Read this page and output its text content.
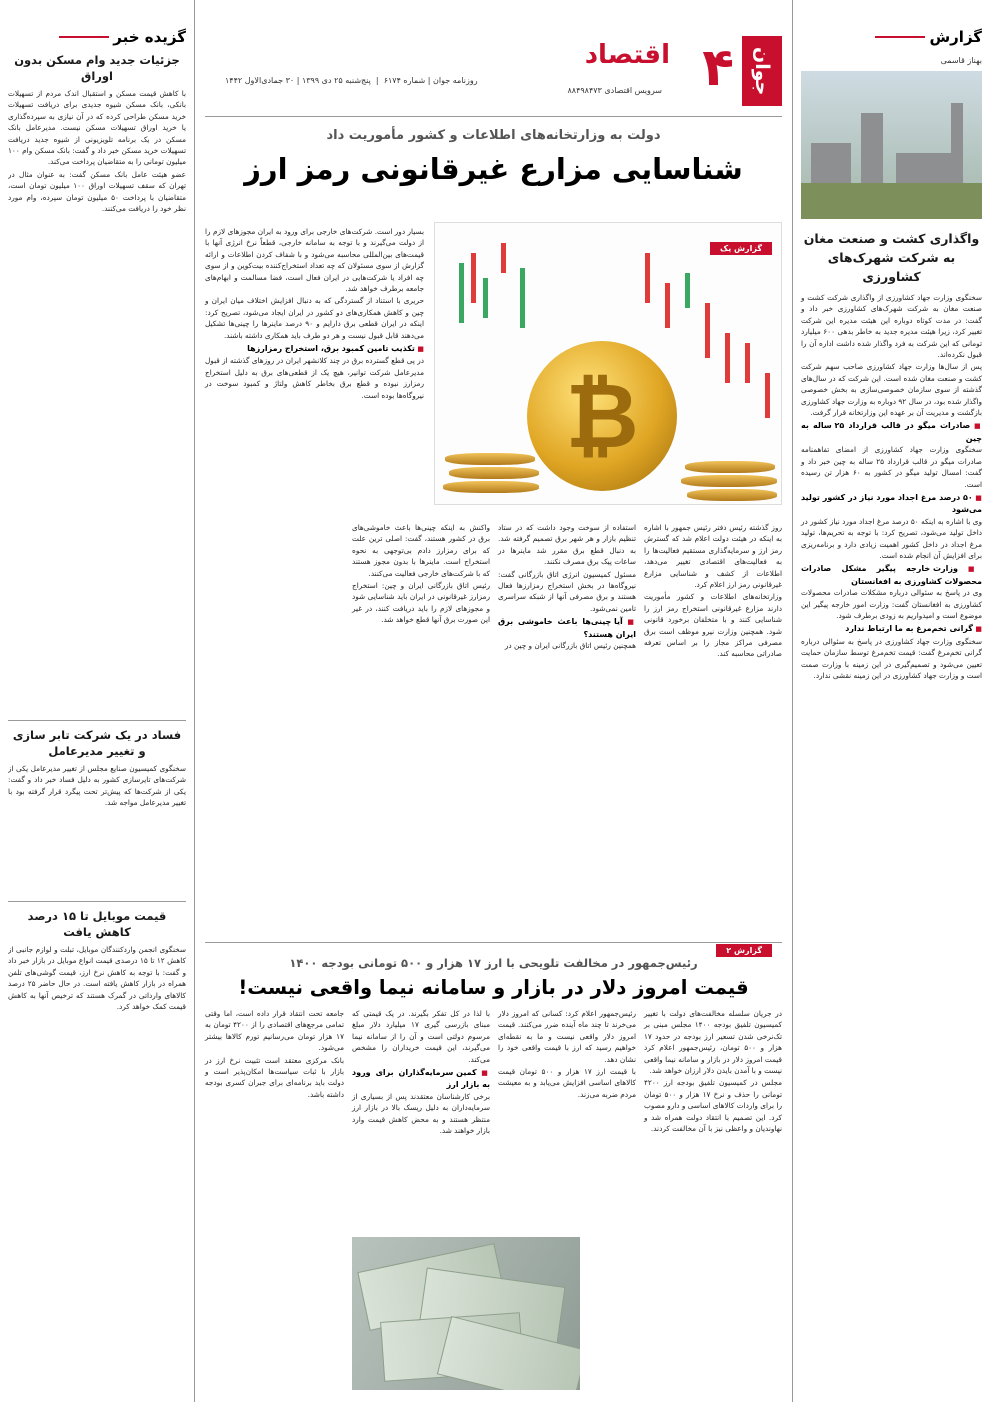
گزارش
بهناز قاسمی
واگذاری کشت و صنعت مغان
به شرکت شهرک‌های کشاورزی

سخنگوی وزارت جهاد کشاورزی از واگذاری شرکت کشت و صنعت مغان به شرکت شهرک‌های کشاورزی خبر داد و گفت: در مدت کوتاه دوباره این هیئت مدیره این شرکت تغییر کرد، زیرا هیئت مدیره جدید به خاطر بدهی ۶۰۰ میلیارد تومانی که این شرکت به فرد واگذار شده داشت اداره آن را قبول نکرده‌اند.

پس از سال‌ها وزارت جهاد کشاورزی صاحب سهم شرکت کشت و صنعت مغان شده است. این شرکت که در سال‌های گذشته از سوی سازمان خصوصی‌سازی به بخش خصوصی واگذار شده بود، در سال ۹۲ دوباره به وزارت جهاد کشاورزی بازگشت و مدیریت آن بر عهده این وزارتخانه قرار گرفت.

■ صادرات میگو در قالب قرارداد ۲۵ ساله به چین

سخنگوی وزارت جهاد کشاورزی از امضای تفاهمنامه صادرات میگو در قالب قرارداد ۲۵ ساله به چین خبر داد و گفت: امسال تولید میگو در کشور به ۶۰ هزار تن رسیده است.

■ ۵۰ درصد مرغ اجداد مورد نیاز در کشور تولید می‌شود

وی با اشاره به اینکه ۵۰ درصد مرغ اجداد مورد نیاز کشور در داخل تولید می‌شود، تصریح کرد: با توجه به تحریم‌ها، تولید مرغ اجداد در داخل کشور اهمیت زیادی دارد و برنامه‌ریزی برای افزایش آن انجام شده است.

■ وزارت خارجه پیگیر مشکل صادرات محصولات کشاورزی به افغانستان

وی در پاسخ به سئوالی درباره مشکلات صادرات محصولات کشاورزی به افغانستان گفت: وزارت امور خارجه پیگیر این موضوع است و امیدواریم به زودی برطرف شود.

■ گرانی تخم‌مرغ به ما ارتباط ندارد

سخنگوی وزارت جهاد کشاورزی در پاسخ به سئوالی درباره گرانی تخم‌مرغ گفت: قیمت تخم‌مرغ توسط سازمان حمایت تعیین می‌شود و تصمیم‌گیری در این زمینه با وزارت صمت است و وزارت جهاد کشاورزی در این زمینه نقشی ندارد.

جوان
۴
اقتصاد
سرویس اقتصادی ۸۸۴۹۸۴۷۳
روزنامه جوان | شماره ۶۱۷۴  |  پنج‌شنبه ۲۵ دی ۱۳۹۹ | ۳۰ جمادی‌الاول ۱۴۴۲
دولت به وزارتخانه‌های اطلاعات و کشور مأموریت داد
شناسایی مزارع غیرقانونی رمز ارز
₿
گزارش یک

بسیار دور است. شرکت‌های خارجی برای ورود به ایران مجوزهای لازم را از دولت می‌گیرند و با توجه به سامانه خارجی، قطعاً نرخ انرژی آنها با قیمت‌های بین‌المللی محاسبه می‌شود و با شفاف کردن اطلاعات و ارائه گزارش از سوی مسئولان که چه تعداد استخراج‌کننده بیت‌کوین و از سوی چه افراد یا شرکت‌هایی در ایران فعال است، فضا مسالمت و ابهام‌های جامعه برطرف خواهد شد.

حریری با استناد از گستردگی که به دنبال افزایش اختلاف میان ایران و چین و کاهش همکاری‌های دو کشور در ایران ایجاد می‌شود، تصریح کرد: اینکه در ایران قطعی برق دارایم و ۹۰ درصد ماینرها را چینی‌ها تشکیل می‌دهند قابل قبول نیست و هر دو طرف باید همکاری داشته باشند.

■ تکذیب تامین کمبود برق، استخراج رمزارزها

در پی قطع گسترده برق در چند کلانشهر ایران در روزهای گذشته از قبول مدیرعامل شرکت توانیر، هیچ یک از قطعی‌های برق به دلیل استخراج رمزارز نبوده و قطع برق بخاطر کاهش ولتاژ و کمبود سوخت در نیروگاه‌ها بوده است.

روز گذشته رئیس دفتر رئیس جمهور با اشاره به اینکه در هیئت دولت اعلام شد که گسترش رمز ارز و سرمایه‌گذاری مستقیم فعالیت‌ها را به فعالیت‌های اقتصادی تغییر می‌دهد، اطلاعات از کشف و شناسایی مزارع غیرقانونی رمز ارز اعلام کرد.

وزارتخانه‌های اطلاعات و کشور مأموریت دارند مزارع غیرقانونی استخراج رمز ارز را شناسایی کنند و با متخلفان برخورد قانونی شود. همچنین وزارت نیرو موظف است برق مصرفی مراکز مجاز را بر اساس تعرفه صادراتی محاسبه کند.

استفاده از سوخت وجود داشت که در ستاد تنظیم بازار و هر شهر برق تصمیم گرفته شد. به دنبال قطع برق مقرر شد ماینرها در ساعات پیک برق مصرف نکنند.

مسئول کمیسیون انرژی اتاق بازرگانی گفت: نیروگاه‌ها در بخش استخراج رمزارزها فعال هستند و برق مصرفی آنها از شبکه سراسری تامین نمی‌شود.

■ آیا چینی‌ها باعث خاموشی برق ایران هستند؟

همچنین رئیس اتاق بازرگانی ایران و چین در

واکنش به اینکه چینی‌ها باعث خاموشی‌های برق در کشور هستند، گفت: اصلی ترین علت که برای رمزارز دادم بی‌توجهی به نحوه استخراج است. ماینرها با بدون مجوز هستند که با شرکت‌های خارجی فعالیت می‌کنند.

رئیس اتاق بازرگانی ایران و چین: استخراج رمزارز غیرقانونی در ایران باید شناسایی شود و مجوزهای لازم را باید دریافت کنند، در غیر این صورت برق آنها قطع خواهد شد.

گزارش ۲
رئیس‌جمهور در مخالفت تلویحی با ارز ۱۷ هزار و ۵۰۰ تومانی بودجه ۱۴۰۰
قیمت امروز دلار در بازار و سامانه نیما واقعی نیست!

در جریان سلسله مخالفت‌های دولت با تغییر کمیسیون تلفیق بودجه ۱۴۰۰ مجلس مبنی بر تک‌نرخی شدن تسعیر ارز بودجه در حدود ۱۷ هزار و ۵۰۰ تومان، رئیس‌جمهور اعلام کرد قیمت امروز دلار در بازار و سامانه نیما واقعی نیست و با آمدن بایدن دلار ارزان خواهد شد.

مجلس در کمیسیون تلفیق بودجه ارز ۴۲۰۰ تومانی را حذف و نرخ ۱۷ هزار و ۵۰۰ تومان را برای واردات کالاهای اساسی و دارو مصوب کرد. این تصمیم با انتقاد دولت همراه شد و نهاوندیان و واعظی نیز با آن مخالفت کردند.

رئیس‌جمهور اعلام کرد: کسانی که امروز دلار می‌خرند تا چند ماه آینده ضرر می‌کنند. قیمت امروز دلار واقعی نیست و ما به نقطه‌ای خواهیم رسید که ارز با قیمت واقعی خود را نشان دهد.

با قیمت ارز ۱۷ هزار و ۵۰۰ تومان قیمت کالاهای اساسی افزایش می‌یابد و به معیشت مردم ضربه می‌زند.

با لذا در کل تفکر بگیرند. در یک قیمتی که مبنای بازرسی گیری ۱۷ میلیارد دلار مبلغ مرسوم دولتی است و آن را از سامانه نیما می‌گیرند، این قیمت خریداران را مشخص می‌کند.

■ کمین سرمایه‌گذاران برای ورود به بازار ارز

برخی کارشناسان معتقدند پس از بسیاری از سرمایه‌داران به دلیل ریسک بالا در بازار ارز منتظر هستند و به محض کاهش قیمت وارد بازار خواهند شد.

جامعه تحت انتقاد قرار داده است، اما وقتی تمامی مرجع‌های اقتصادی را از ۴۲۰۰ تومان به ۱۷ هزار تومان می‌رسانیم تورم کالاها بیشتر می‌شود.

بانک مرکزی معتقد است تثبیت نرخ ارز در بازار با ثبات سیاست‌ها امکان‌پذیر است و دولت باید برنامه‌ای برای جبران کسری بودجه داشته باشد.

گزیده خبر
جزئیات جدید وام مسکن بدون اوراق

با کاهش قیمت مسکن و استقبال اندک مردم از تسهیلات بانکی، بانک مسکن شیوه جدیدی برای دریافت تسهیلات خرید مسکن طراحی کرده که در آن نیازی به سپرده‌گذاری یا خرید اوراق تسهیلات مسکن نیست. مدیرعامل بانک مسکن در یک برنامه تلویزیونی از شیوه جدید دریافت تسهیلات خرید مسکن خبر داد و گفت: بانک مسکن وام ۱۰۰ میلیون تومانی را به متقاضیان پرداخت می‌کند.

عضو هیئت عامل بانک مسکن گفت: به عنوان مثال در تهران که سقف تسهیلات اوراق ۱۰۰ میلیون تومان است، متقاضیان با پرداخت ۵۰ میلیون تومان سپرده، وام مورد نظر خود را دریافت می‌کنند.

فساد در یک شرکت تابر سازی
و تغییر مدیرعامل

سخنگوی کمیسیون صنایع مجلس از تغییر مدیرعامل یکی از شرکت‌های تایرسازی کشور به دلیل فساد خبر داد و گفت: یکی از شرکت‌ها که پیش‌تر تحت پیگرد قرار گرفته بود با تغییر مدیرعامل مواجه شد.

قیمت موبایل تا ۱۵ درصد
کاهش یافت

سخنگوی انجمن واردکنندگان موبایل، تبلت و لوازم جانبی از کاهش ۱۲ تا ۱۵ درصدی قیمت انواع موبایل در بازار خبر داد و گفت: با توجه به کاهش نرخ ارز، قیمت گوشی‌های تلفن همراه در بازار کاهش یافته است. در حال حاضر ۲۵ درصد کالاهای وارداتی در گمرک هستند که ترخیص آنها به کاهش قیمت کمک خواهد کرد.
